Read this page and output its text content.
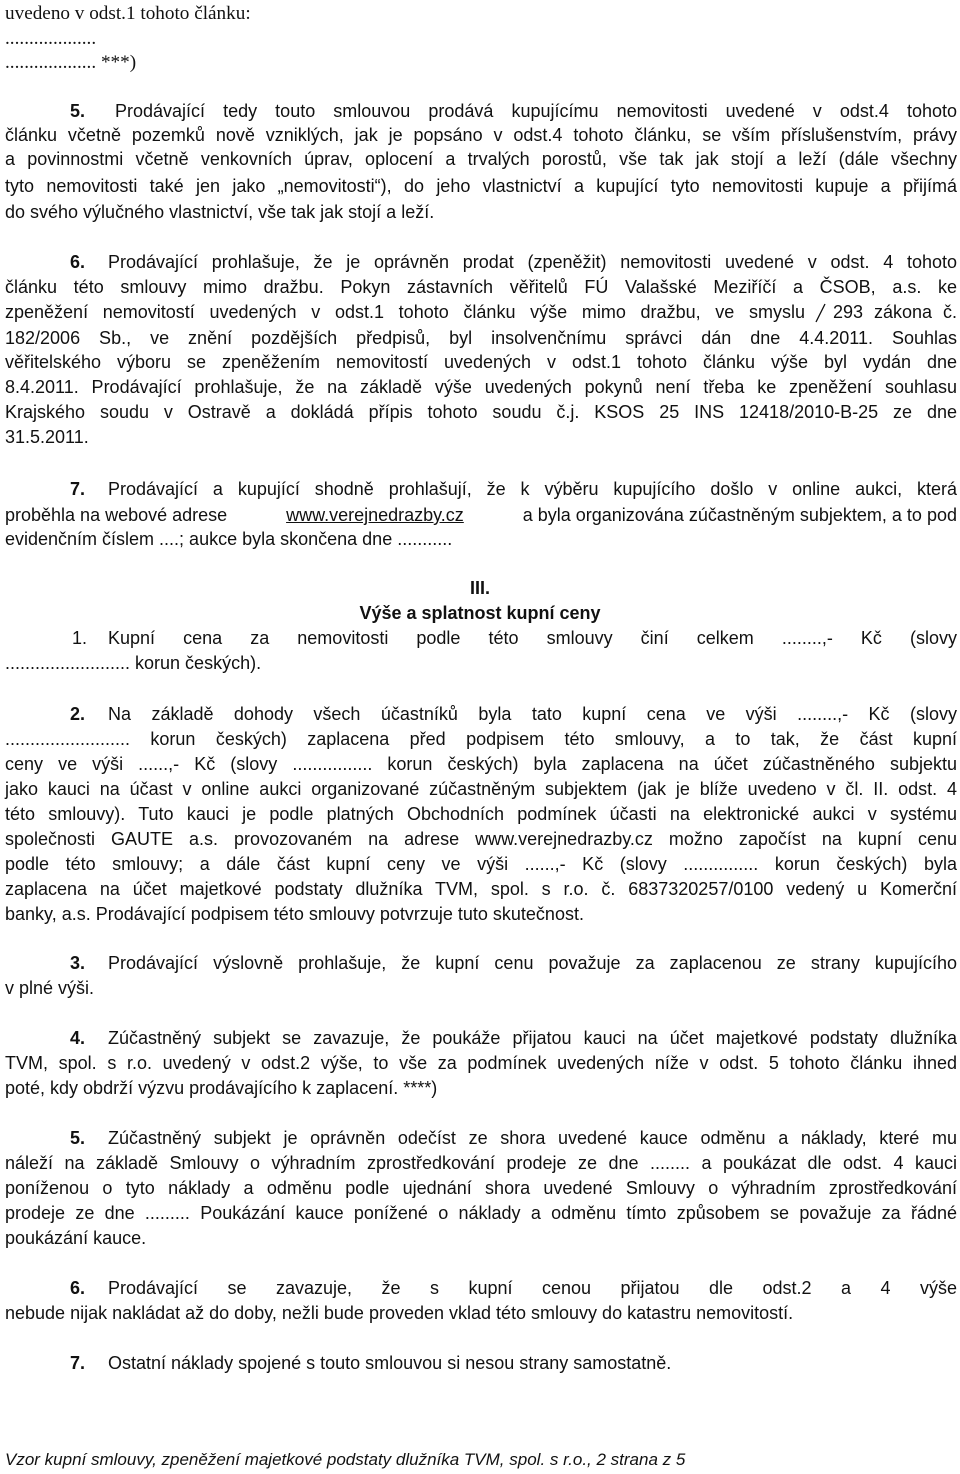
uvedeno v odst.1 tohoto článku:
...................
................... ***)
5. Prodávající tedy touto smlouvou prodává kupujícímu nemovitosti uvedené v odst.4 tohoto
článku včetně pozemků nově vzniklých, jak je popsáno v odst.4 tohoto článku, se vším příslušenstvím, právy
a povinnostmi včetně venkovních úprav, oplocení a trvalých porostů, vše tak jak stojí a leží (dále všechny
tyto nemovitosti také jen jako „nemovitosti“), do jeho vlastnictví a kupující tyto nemovitosti kupuje a přijímá
do svého výlučného vlastnictví, vše tak jak stojí a leží.
6.	Prodávající prohlašuje, že je oprávněn prodat (zpeněžit) nemovitosti uvedené v odst. 4 tohoto
článku této smlouvy mimo dražbu. Pokyn zástavních věřitelů FÚ Valašské Meziříčí a ČSOB, a.s. ke
zpeněžení nemovitostí uvedených v odst.1 tohoto článku výše mimo dražbu, ve smyslu 293 zákona č.
182/2006 Sb., ve znění pozdějších předpisů, byl insolvenčnímu správci dán dne 4.4.2011. Souhlas
věřitelského výboru se zpeněžením nemovitostí uvedených v odst.1 tohoto článku výše byl vydán dne
8.4.2011. Prodávající prohlašuje, že na základě výše uvedených pokynů není třeba ke zpeněžení souhlasu
Krajského soudu v Ostravě a dokládá přípis tohoto soudu č.j. KSOS 25 INS 12418/2010-B-25 ze dne
31.5.2011.
7.	Prodávající a kupující shodně prohlašují, že k výběru kupujícího došlo v online aukci, která
proběhla na webové adrese	www.verejnedrazby.cz	a byla organizována zúčastněným subjektem, a to pod
evidenčním číslem ....; aukce byla skončena dne ...........
III.
Výše a splatnost kupní ceny
1.	Kupní cena za nemovitosti podle této smlouvy činí celkem ........,- Kč (slovy
......................... korun českých).
2.	Na základě dohody všech účastníků byla tato kupní cena ve výši ........,- Kč (slovy
......................... korun českých) zaplacena před podpisem této smlouvy, a to tak, že část kupní
ceny ve výši ......,- Kč (slovy ................ korun českých) byla zaplacena na účet zúčastněného subjektu
jako kauci na účast v online aukci organizované zúčastněným subjektem (jak je blíže uvedeno v čl. II. odst. 4
této smlouvy). Tuto kauci je podle platných Obchodních podmínek účasti na elektronické aukci v systému
společnosti GAUTE a.s. provozovaném na adrese www.verejnedrazby.cz možno započíst na kupní cenu
podle této smlouvy; a dále část kupní ceny ve výši ......,- Kč (slovy ............... korun českých) byla
zaplacena na účet majetkové podstaty dlužníka TVM, spol. s r.o. č. 6837320257/0100 vedený u Komerční
banky, a.s. Prodávající podpisem této smlouvy potvrzuje tuto skutečnost.
3.	Prodávající výslovně prohlašuje, že kupní cenu považuje za zaplacenou ze strany kupujícího
v plné výši.
4.	Zúčastněný subjekt se zavazuje, že poukáže přijatou kauci na účet majetkové podstaty dlužníka
TVM, spol. s r.o. uvedený v odst.2 výše, to vše za podmínek uvedených níže v odst. 5 tohoto článku ihned
poté, kdy obdrží výzvu prodávajícího k zaplacení. ****)
5.	Zúčastněný subjekt je oprávněn odečíst ze shora uvedené kauce odměnu a náklady, které mu
náleží na základě Smlouvy o výhradním zprostředkování prodeje ze dne ........ a poukázat dle odst. 4 kauci
poníženou o tyto náklady a odměnu podle ujednání shora uvedené Smlouvy o výhradním zprostředkování
prodeje ze dne ......... Poukázání kauce ponížené o náklady a odměnu tímto způsobem se považuje za řádné
poukázání kauce.
6.	Prodávající se zavazuje, že s kupní cenou přijatou dle odst.2 a 4 výše
nebude nijak nakládat až do doby, nežli bude proveden vklad této smlouvy do katastru nemovitostí.
7.	Ostatní náklady spojené s touto smlouvou si nesou strany samostatně.
Vzor kupní smlouvy, zpeněžení majetkové podstaty dlužníka TVM, spol. s r.o., 2 strana z 5
